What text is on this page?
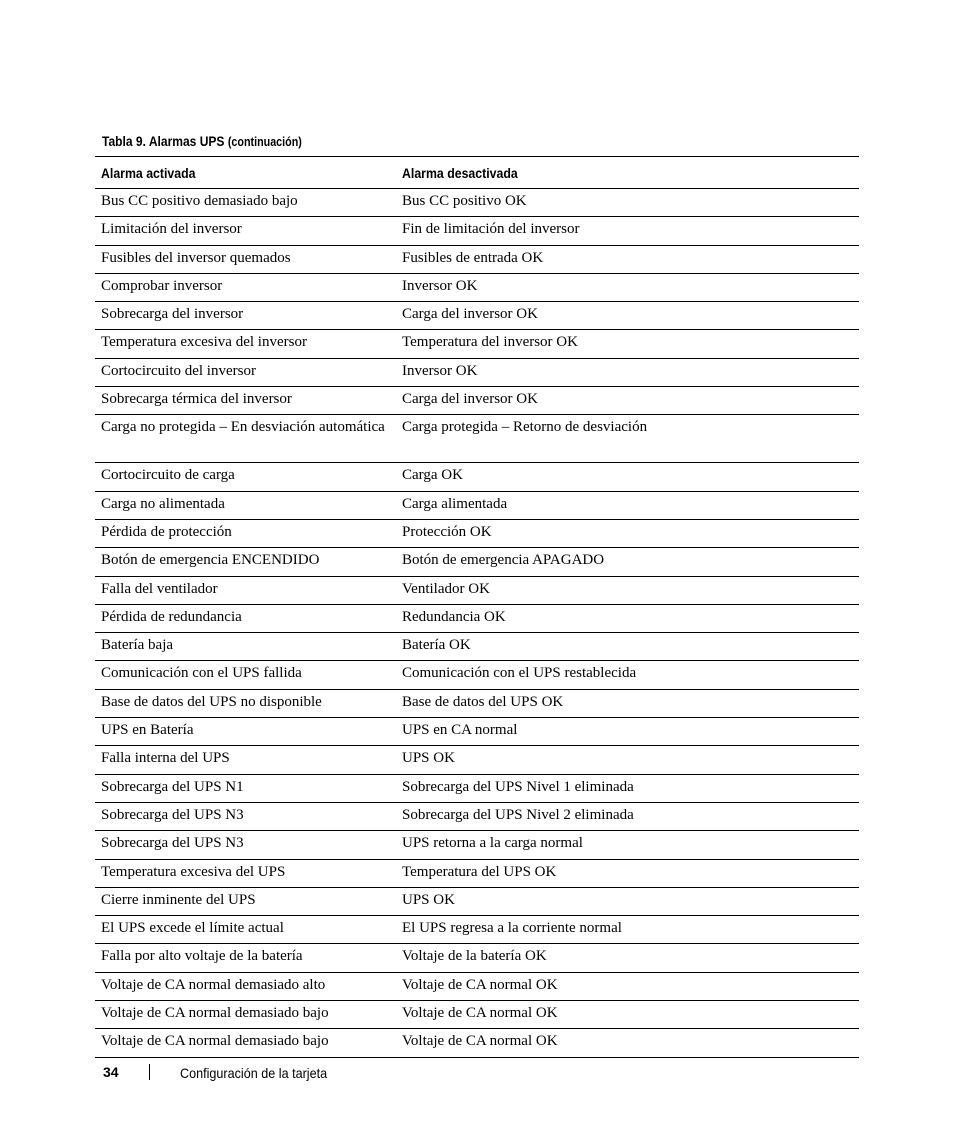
Tabla 9. Alarmas UPS (continuación)
Alarma activada	Alarma desactivada
Bus CC positivo demasiado bajo	Bus CC positivo OK
Limitación del inversor	Fin de limitación del inversor
Fusibles del inversor quemados	Fusibles de entrada OK
Comprobar inversor	Inversor OK
Sobrecarga del inversor	Carga del inversor OK
Temperatura excesiva del inversor	Temperatura del inversor OK
Cortocircuito del inversor	Inversor OK
Sobrecarga térmica del inversor	Carga del inversor OK
Carga no protegida – En desviación automática	Carga protegida – Retorno de desviación
Cortocircuito de carga	Carga OK
Carga no alimentada	Carga alimentada
Pérdida de protección	Protección OK
Botón de emergencia ENCENDIDO	Botón de emergencia APAGADO
Falla del ventilador	Ventilador OK
Pérdida de redundancia	Redundancia OK
Batería baja	Batería OK
Comunicación con el UPS fallida	Comunicación con el UPS restablecida
Base de datos del UPS no disponible	Base de datos del UPS OK
UPS en Batería	UPS en CA normal
Falla interna del UPS	UPS OK
Sobrecarga del UPS N1	Sobrecarga del UPS Nivel 1 eliminada
Sobrecarga del UPS N3	Sobrecarga del UPS Nivel 2 eliminada
Sobrecarga del UPS N3	UPS retorna a la carga normal
Temperatura excesiva del UPS	Temperatura del UPS OK
Cierre inminente del UPS	UPS OK
El UPS excede el límite actual	El UPS regresa a la corriente normal
Falla por alto voltaje de la batería	Voltaje de la batería OK
Voltaje de CA normal demasiado alto	Voltaje de CA normal OK
Voltaje de CA normal demasiado bajo	Voltaje de CA normal OK
Voltaje de CA normal demasiado bajo	Voltaje de CA normal OK
34	Configuración de la tarjeta
